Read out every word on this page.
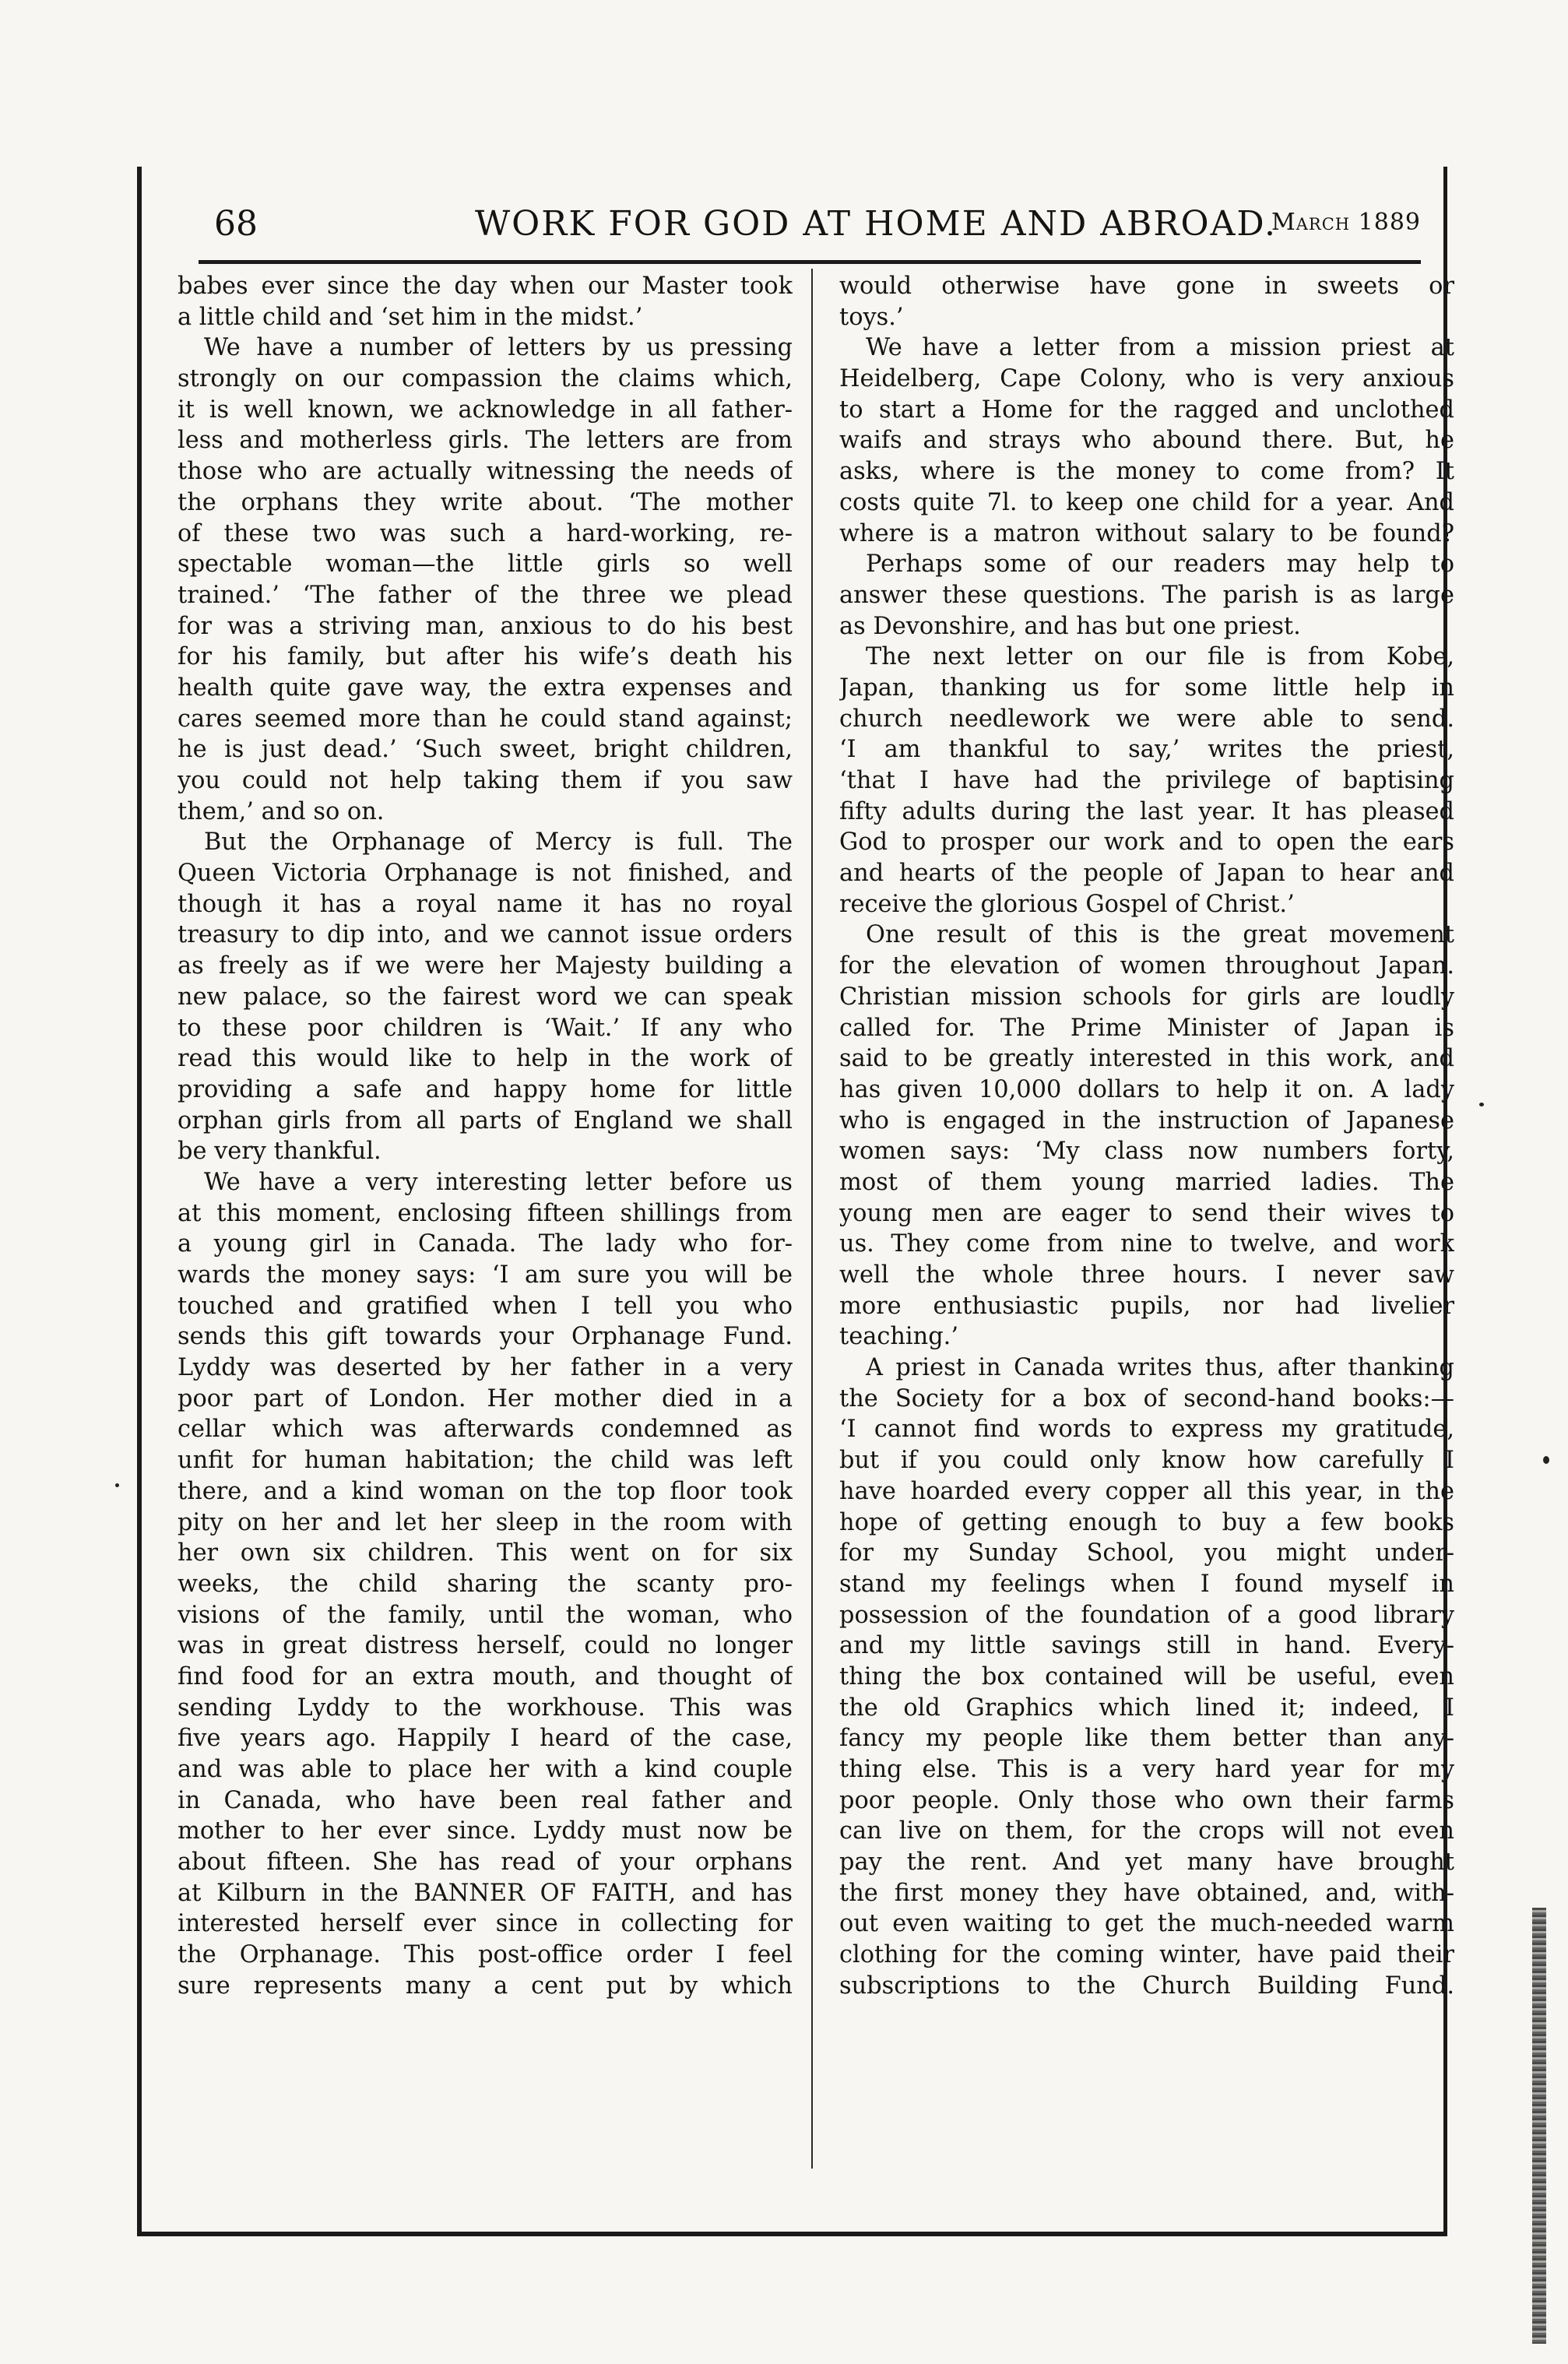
68	WORK FOR GOD AT HOME AND ABROAD.
March 1889
babes ever since the day when our Master took
a little child and ‘set him in the midst.’
We have a number of letters by us pressing
strongly on our compassion the claims which,
it is well known, we acknowledge in all father-
less and motherless girls. The letters are from
those who are actually witnessing the needs of
the orphans they write about. ‘The mother
of these two was such a hard-working, re-
spectable woman—the little girls so well
trained.’ ‘The father of the three we plead
for was a striving man, anxious to do his best
for his family, but after his wife’s death his
health quite gave way, the extra expenses and
cares seemed more than he could stand against;
he is just dead.’ ‘Such sweet, bright children,
you could not help taking them if you saw
them,’ and so on.
But the Orphanage of Mercy is full. The
Queen Victoria Orphanage is not finished, and
though it has a royal name it has no royal
treasury to dip into, and we cannot issue orders
as freely as if we were her Majesty building a
new palace, so the fairest word we can speak
to these poor children is ‘Wait.’ If any who
read this would like to help in the work of
providing a safe and happy home for little
orphan girls from all parts of England we shall
be very thankful.
We have a very interesting letter before us
at this moment, enclosing fifteen shillings from
a young girl in Canada. The lady who for-
wards the money says: ‘I am sure you will be
touched and gratified when I tell you who
sends this gift towards your Orphanage Fund.
Lyddy was deserted by her father in a very
poor part of London. Her mother died in a
cellar which was afterwards condemned as
unfit for human habitation; the child was left
there, and a kind woman on the top floor took
pity on her and let her sleep in the room with
her own six children. This went on for six
weeks, the child sharing the scanty pro-
visions of the family, until the woman, who
was in great distress herself, could no longer
find food for an extra mouth, and thought of
sending Lyddy to the workhouse. This was
five years ago. Happily I heard of the case,
and was able to place her with a kind couple
in Canada, who have been real father and
mother to her ever since. Lyddy must now be
about fifteen. She has read of your orphans
at Kilburn in the BANNER OF FAITH, and has
interested herself ever since in collecting for
the Orphanage. This post-office order I feel
sure represents many a cent put by which
would otherwise have gone in sweets or
toys.’
We have a letter from a mission priest at
Heidelberg, Cape Colony, who is very anxious
to start a Home for the ragged and unclothed
waifs and strays who abound there. But, he
asks, where is the money to come from? It
costs quite 7l. to keep one child for a year. And
where is a matron without salary to be found?
Perhaps some of our readers may help to
answer these questions. The parish is as large
as Devonshire, and has but one priest.
The next letter on our file is from Kobe,
Japan, thanking us for some little help in
church needlework we were able to send.
‘I am thankful to say,’ writes the priest,
‘that I have had the privilege of baptising
fifty adults during the last year. It has pleased
God to prosper our work and to open the ears
and hearts of the people of Japan to hear and
receive the glorious Gospel of Christ.’
One result of this is the great movement
for the elevation of women throughout Japan.
Christian mission schools for girls are loudly
called for. The Prime Minister of Japan is
said to be greatly interested in this work, and
has given 10,000 dollars to help it on. A lady
who is engaged in the instruction of Japanese
women says: ‘My class now numbers forty,
most of them young married ladies. The
young men are eager to send their wives to
us. They come from nine to twelve, and work
well the whole three hours. I never saw
more enthusiastic pupils, nor had livelier
teaching.’
A priest in Canada writes thus, after thanking
the Society for a box of second-hand books:—
‘I cannot find words to express my gratitude,
but if you could only know how carefully I
have hoarded every copper all this year, in the
hope of getting enough to buy a few books
for my Sunday School, you might under-
stand my feelings when I found myself in
possession of the foundation of a good library
and my little savings still in hand. Every-
thing the box contained will be useful, even
the old Graphics which lined it; indeed, I
fancy my people like them better than any-
thing else. This is a very hard year for my
poor people. Only those who own their farms
can live on them, for the crops will not even
pay the rent. And yet many have brought
the first money they have obtained, and, with-
out even waiting to get the much-needed warm
clothing for the coming winter, have paid their
subscriptions to the Church Building Fund.
